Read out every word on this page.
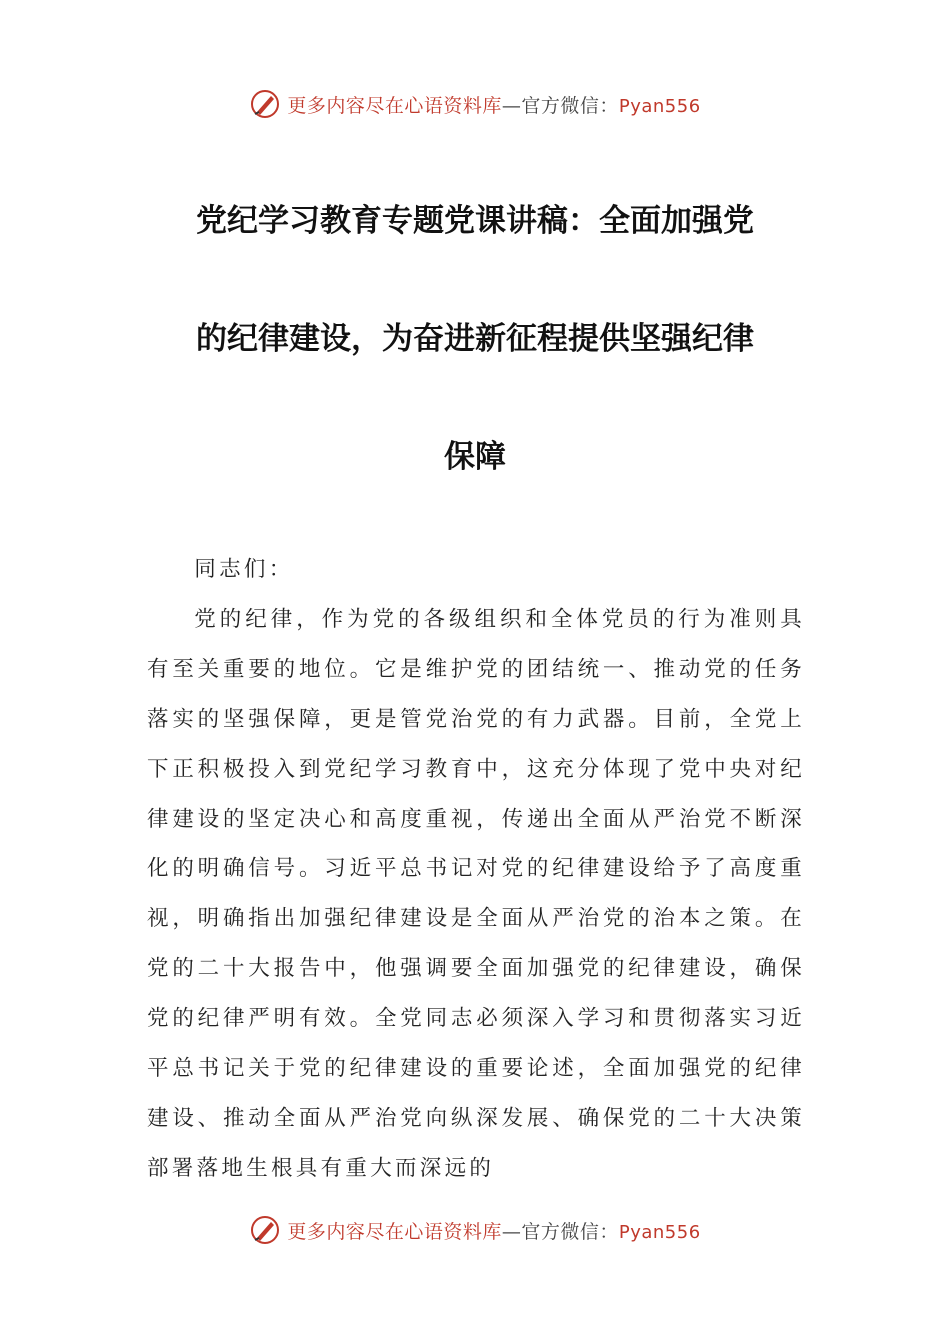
更多内容尽在心语资料库—官方微信：Pyan556
党纪学习教育专题党课讲稿：全面加强党
的纪律建设，为奋进新征程提供坚强纪律
保障

同志们：

党的纪律，作为党的各级组织和全体党员的行为准则具有至关重要的地位。它是维护党的团结统一、推动党的任务落实的坚强保障，更是管党治党的有力武器。目前，全党上下正积极投入到党纪学习教育中，这充分体现了党中央对纪律建设的坚定决心和高度重视，传递出全面从严治党不断深化的明确信号。习近平总书记对党的纪律建设给予了高度重视，明确指出加强纪律建设是全面从严治党的治本之策。在党的二十大报告中，他强调要全面加强党的纪律建设，确保党的纪律严明有效。全党同志必须深入学习和贯彻落实习近平总书记关于党的纪律建设的重要论述，全面加强党的纪律建设、推动全面从严治党向纵深发展、确保党的二十大决策部署落地生根具有重大而深远的

更多内容尽在心语资料库—官方微信：Pyan556
